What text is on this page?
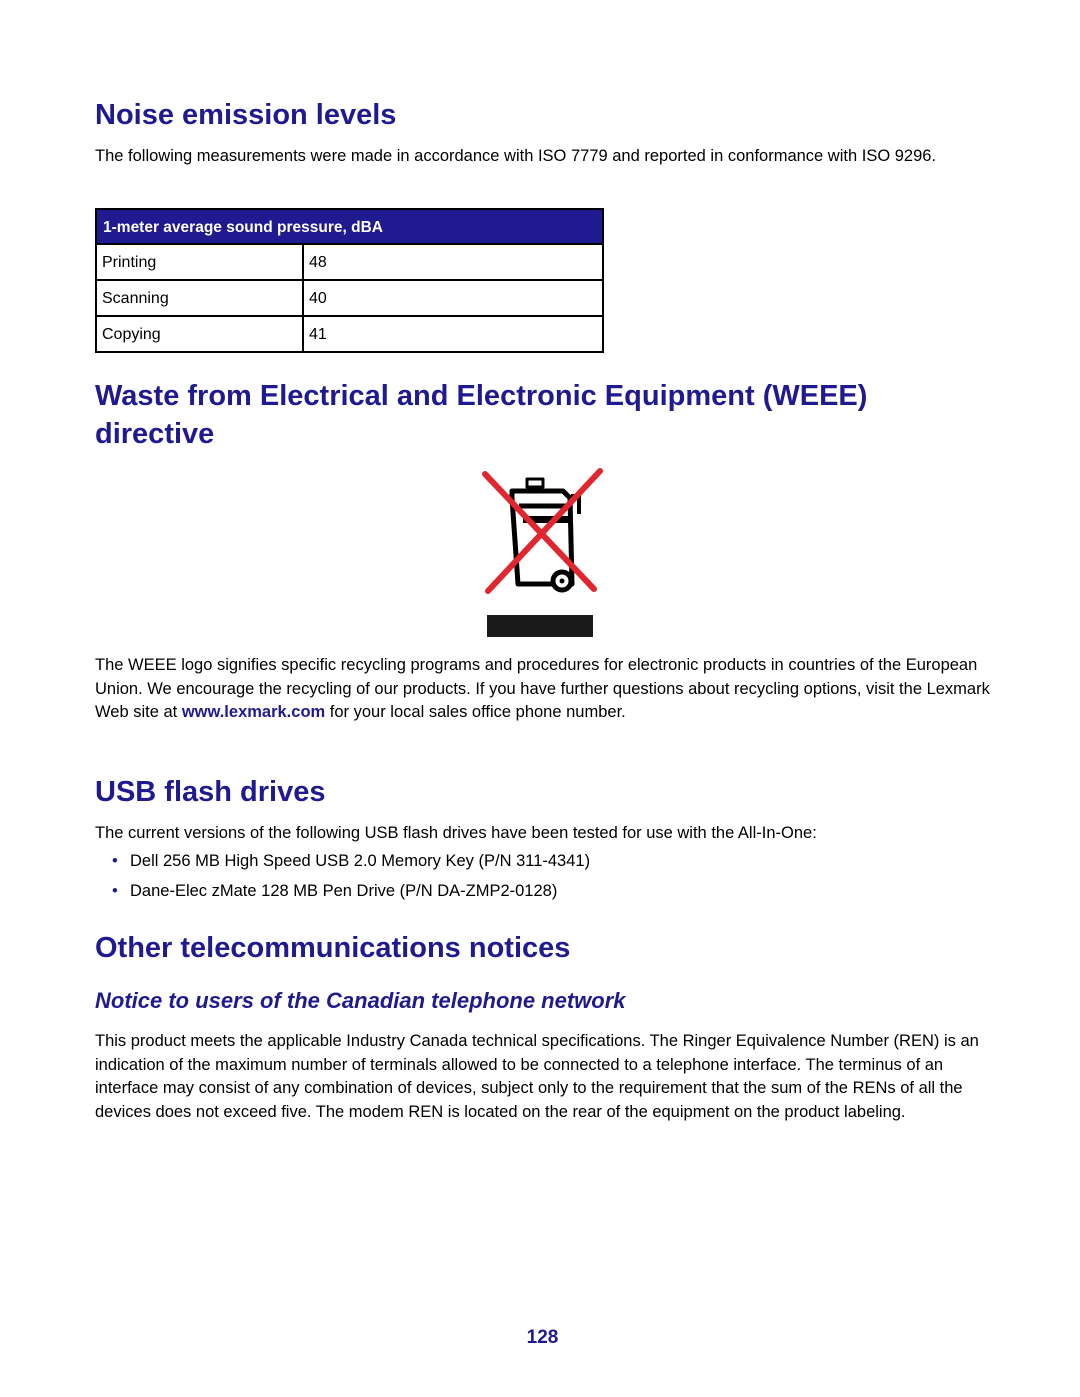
Noise emission levels

The following measurements were made in accordance with ISO 7779 and reported in conformance with ISO 9296.

1-meter average sound pressure, dBA	
Printing	48
Scanning	40
Copying	41
Waste from Electrical and Electronic Equipment (WEEE) directive

The WEEE logo signifies specific recycling programs and procedures for electronic products in countries of the European Union. We encourage the recycling of our products. If you have further questions about recycling options, visit the Lexmark Web site at www.lexmark.com for your local sales office phone number.

USB flash drives

The current versions of the following USB flash drives have been tested for use with the All-In-One:

• Dell 256 MB High Speed USB 2.0 Memory Key (P/N 311-4341)
• Dane-Elec zMate 128 MB Pen Drive (P/N DA-ZMP2-0128)
Other telecommunications notices
Notice to users of the Canadian telephone network

This product meets the applicable Industry Canada technical specifications. The Ringer Equivalence Number (REN) is an indication of the maximum number of terminals allowed to be connected to a telephone interface. The terminus of an interface may consist of any combination of devices, subject only to the requirement that the sum of the RENs of all the devices does not exceed five. The modem REN is located on the rear of the equipment on the product labeling.

128
